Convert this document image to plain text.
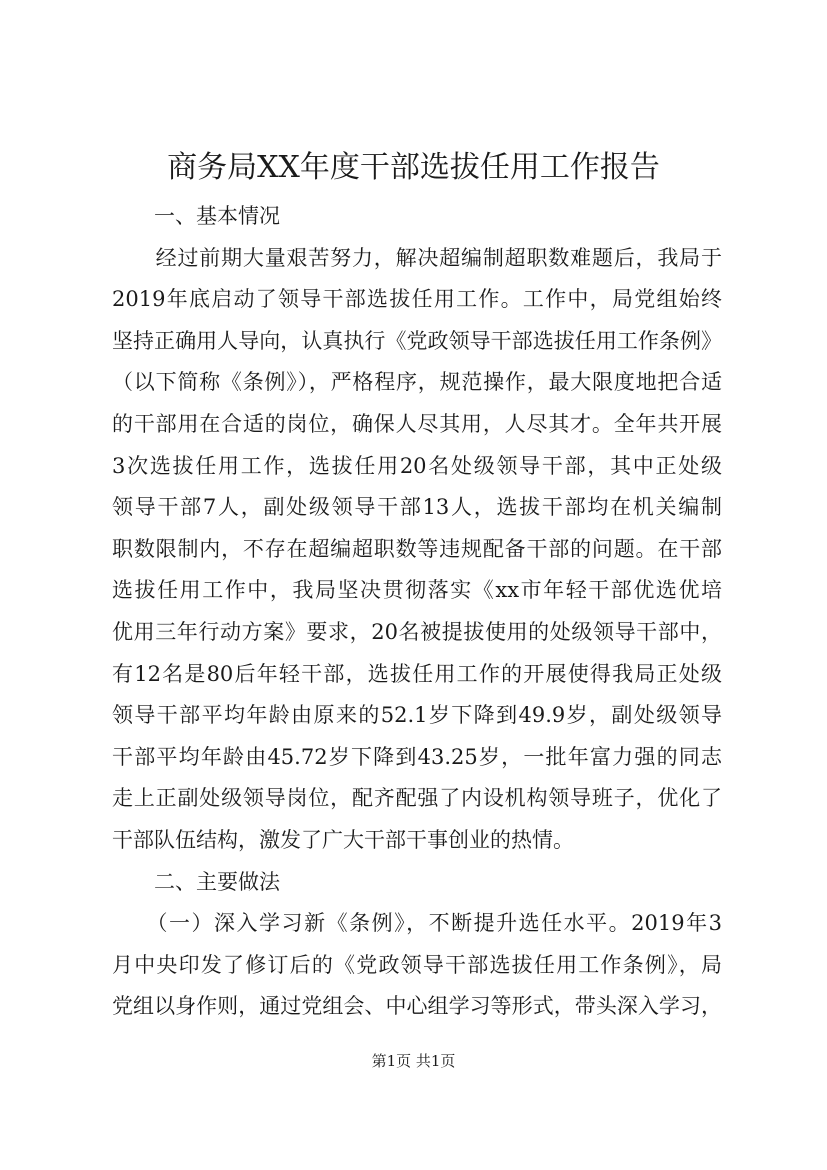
商务局XX年度干部选拔任用工作报告
　　一、基本情况
　　经过前期大量艰苦努力，解决超编制超职数难题后，我局于
2019年底启动了领导干部选拔任用工作。工作中，局党组始终
坚持正确用人导向，认真执行《党政领导干部选拔任用工作条例》
（以下简称《条例》），严格程序，规范操作，最大限度地把合适
的干部用在合适的岗位，确保人尽其用，人尽其才。全年共开展
3次选拔任用工作，选拔任用20名处级领导干部，其中正处级
领导干部7人，副处级领导干部13人，选拔干部均在机关编制
职数限制内，不存在超编超职数等违规配备干部的问题。在干部
选拔任用工作中，我局坚决贯彻落实《xx市年轻干部优选优培
优用三年行动方案》要求，20名被提拔使用的处级领导干部中，
有12名是80后年轻干部，选拔任用工作的开展使得我局正处级
领导干部平均年龄由原来的52.1岁下降到49.9岁，副处级领导
干部平均年龄由45.72岁下降到43.25岁，一批年富力强的同志
走上正副处级领导岗位，配齐配强了内设机构领导班子，优化了
干部队伍结构，激发了广大干部干事创业的热情。
　　二、主要做法
　　（一）深入学习新《条例》，不断提升选任水平。2019年3
月中央印发了修订后的《党政领导干部选拔任用工作条例》，局
党组以身作则，通过党组会、中心组学习等形式，带头深入学习，
第1页 共1页
